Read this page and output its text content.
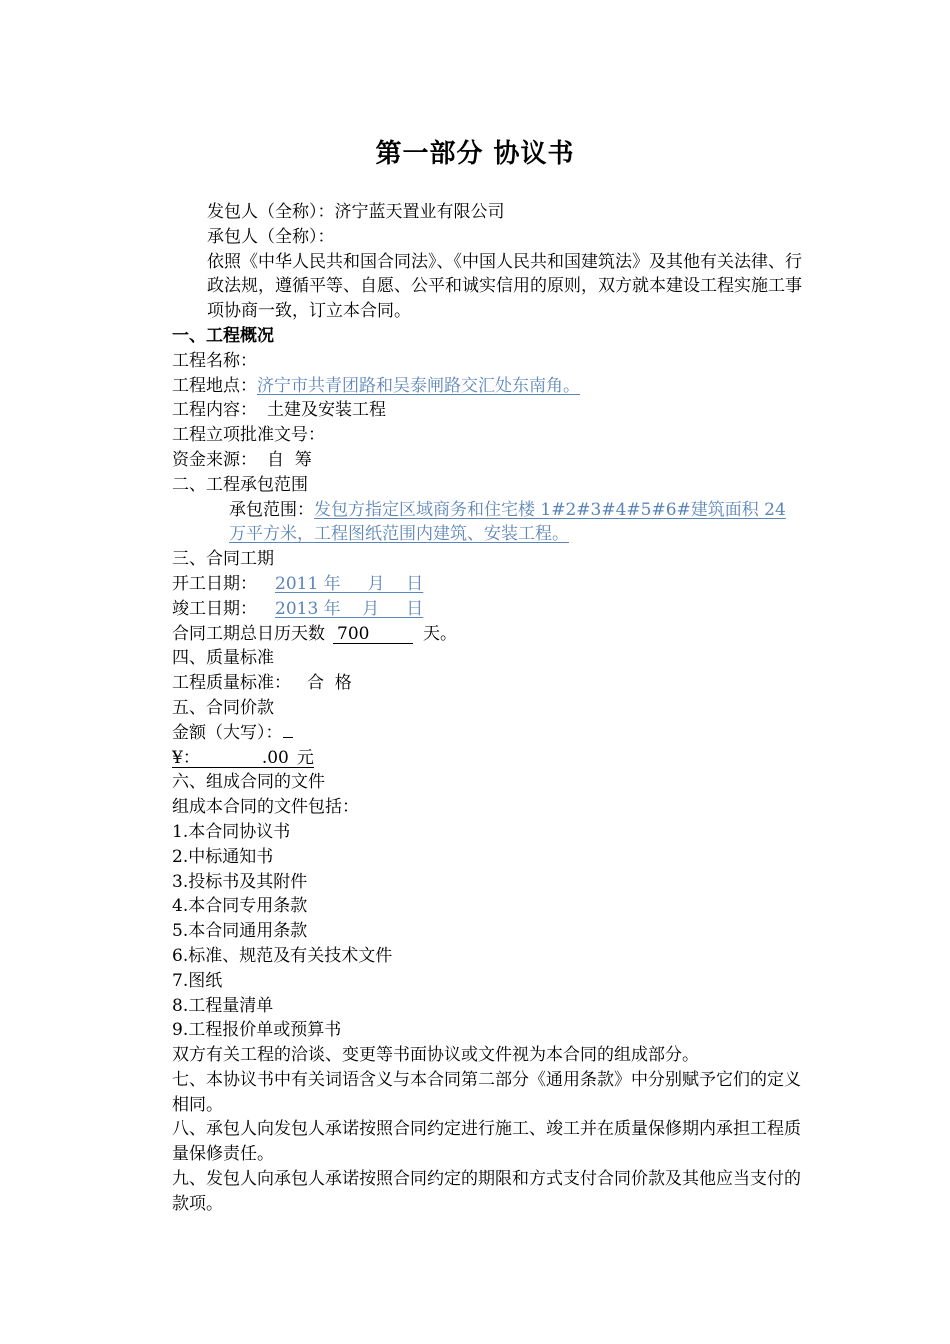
第一部分 协议书

发包人（全称）：济宁蓝天置业有限公司

承包人（全称）：

依照《中华人民共和国合同法》、《中国人民共和国建筑法》及其他有关法律、行政法规，遵循平等、自愿、公平和诚实信用的原则，双方就本建设工程实施工事项协商一致，订立本合同。

一、工程概况

工程名称：

工程地点：济宁市共青团路和吴泰闸路交汇处东南角。

工程内容： 土建及安装工程

工程立项批准文号：

资金来源： 自  筹

二、工程承包范围

承包范围：发包方指定区域商务和住宅楼 1#2#3#4#5#6#建筑面积 24 万平方米，工程图纸范围内建筑、安装工程。

三、合同工期

开工日期： 2011 年     月    日

竣工日期： 2013 年    月     日

合同工期总日历天数 700	天。

四、质量标准

工程质量标准： 合  格

五、合同价款

金额（大写）：

¥：	.00 元

六、组成合同的文件

组成本合同的文件包括：

1.本合同协议书

2.中标通知书

3.投标书及其附件

4.本合同专用条款

5.本合同通用条款

6.标准、规范及有关技术文件

7.图纸

8.工程量清单

9.工程报价单或预算书

双方有关工程的洽谈、变更等书面协议或文件视为本合同的组成部分。

七、本协议书中有关词语含义与本合同第二部分《通用条款》中分别赋予它们的定义相同。

八、承包人向发包人承诺按照合同约定进行施工、竣工并在质量保修期内承担工程质量保修责任。

九、发包人向承包人承诺按照合同约定的期限和方式支付合同价款及其他应当支付的款项。
